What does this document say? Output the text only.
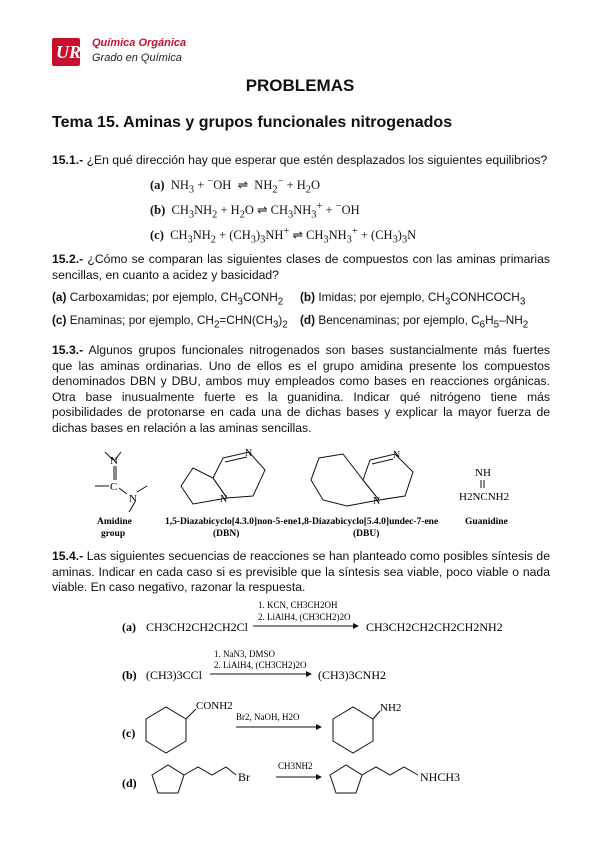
UR Química Orgánica
Grado en Química
PROBLEMAS
Tema 15. Aminas y grupos funcionales nitrogenados
15.1.- ¿En qué dirección hay que esperar que estén desplazados los siguientes equilibrios?
(a)  $NH_3 + ^-OH$  ⇌  $NH_2^- + H_2O$
(b)  $CH_3NH_2 + H_2O$ ⇌ $CH_3NH_3^+ + ^-OH$
(c)  $CH_3NH_2 + (CH_3)_3NH^+$ ⇌ $CH_3NH_3^+ + (CH_3)_3N$
15.2.- ¿Cómo se comparan las siguientes clases de compuestos con las aminas primarias sencillas, en cuanto a acidez y basicidad?
(a) Carboxamidas; por ejemplo, $CH_3CONH_2$ (b) Imidas; por ejemplo, $CH_3CONHCOCH_3$
(c) Enaminas; por ejemplo, $CH_2=CHN(CH_3)_2$ (d) Bencenaminas; por ejemplo, $C_6H_5-NH_2$
15.3.- Algunos grupos funcionales nitrogenados son bases sustancialmente más fuertes que las aminas ordinarias. Uno de ellos es el grupo amidina presente los compuestos denominados DBN y DBU, ambos muy empleados como bases en reacciones orgánicas. Otra base inusualmente fuerte es la guanidina. Indicar qué nitrógeno tiene más posibilidades de protonarse en cada una de dichas bases y explicar la mayor fuerza de dichas bases en relación a las aminas sencillas.
N
C
N
N
N
N
N
NH
H2NCNH2
Amidine
group
1,5-Diazabicyclo[4.3.0]non-5-ene
(DBN)
1,8-Diazabicyclo[5.4.0]undec-7-ene
(DBU)
Guanidine
15.4.- Las siguientes secuencias de reacciones se han planteado como posibles síntesis de aminas. Indicar en cada caso si es previsible que la síntesis sea viable, poco viable o nada viable. En caso negativo, razonar la respuesta.
(a) CH3CH2CH2CH2Cl
1. KCN, CH3CH2OH
2. LiAlH4, (CH3CH2)2O
CH3CH2CH2CH2CH2NH2
(b) (CH3)3CCl
1. NaN3, DMSO
2. LiAlH4, (CH3CH2)2O
(CH3)3CNH2
(c)
CONH2
Br2, NaOH, H2O
NH2
(d)	Br
CH3NH2
NHCH3
